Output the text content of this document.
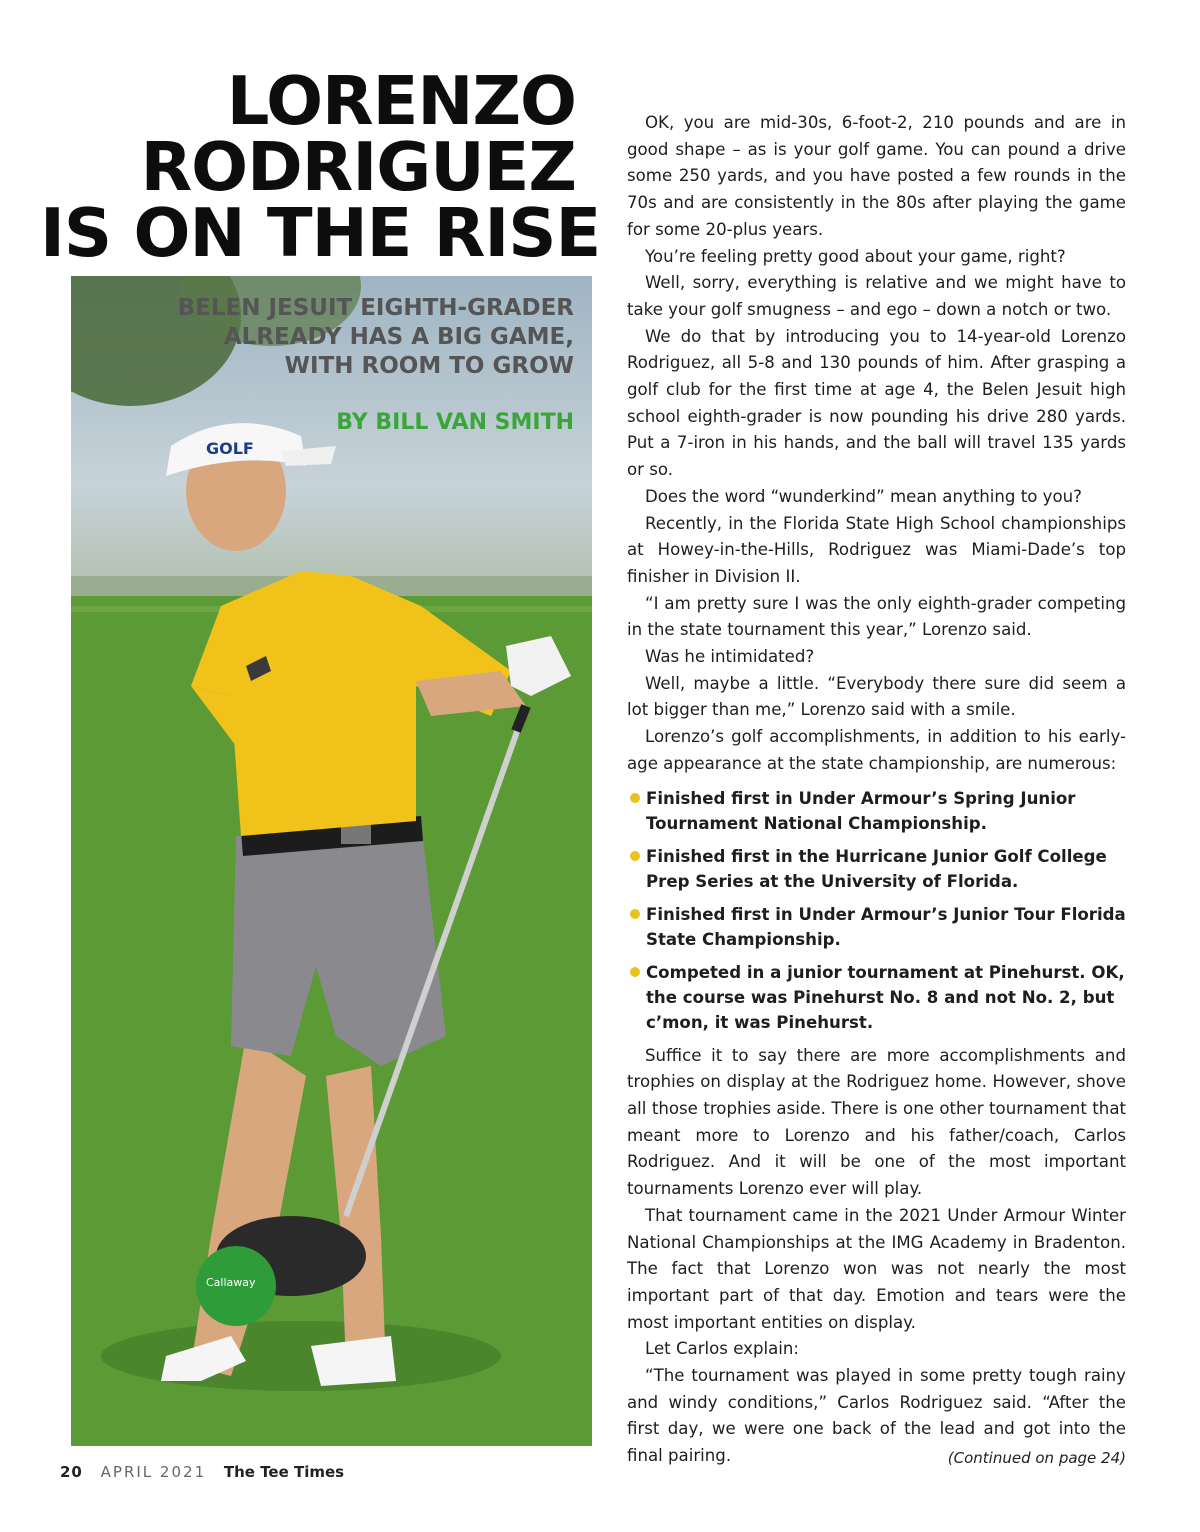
LORENZO
RODRIGUEZ
IS ON THE RISE
GOLF
Callaway
BELEN JESUIT EIGHTH-GRADER
ALREADY HAS A BIG GAME,
WITH ROOM TO GROW
BY BILL VAN SMITH

OK, you are mid-30s, 6-foot-2, 210 pounds and are in good shape – as is your golf game. You can pound a drive some 250 yards, and you have posted a few rounds in the 70s and are consistently in the 80s after playing the game for some 20-plus years.

You’re feeling pretty good about your game, right?

Well, sorry, everything is relative and we might have to take your golf smugness – and ego – down a notch or two.

We do that by introducing you to 14-year-old Lorenzo Rodriguez, all 5-8 and 130 pounds of him. After grasping a golf club for the first time at age 4, the Belen Jesuit high school eighth-grader is now pounding his drive 280 yards. Put a 7-iron in his hands, and the ball will travel 135 yards or so.

Does the word “wunderkind” mean anything to you?

Recently, in the Florida State High School championships at Howey-in-the-Hills, Rodriguez was Miami-Dade’s top finisher in Division II.

“I am pretty sure I was the only eighth-grader competing in the state tournament this year,” Lorenzo said.

Was he intimidated?

Well, maybe a little. “Everybody there sure did seem a lot bigger than me,” Lorenzo said with a smile.

Lorenzo’s golf accomplishments, in addition to his early-age appearance at the state championship, are numerous:

Finished first in Under Armour’s Spring Junior Tournament National Championship.
Finished first in the Hurricane Junior Golf College Prep Series at the University of Florida.
Finished first in Under Armour’s Junior Tour Florida State Championship.
Competed in a junior tournament at Pinehurst. OK, the course was Pinehurst No. 8 and not No. 2, but c’mon, it was Pinehurst.

Suffice it to say there are more accomplishments and trophies on display at the Rodriguez home. However, shove all those trophies aside. There is one other tournament that meant more to Lorenzo and his father/coach, Carlos Rodriguez. And it will be one of the most important tournaments Lorenzo ever will play.

That tournament came in the 2021 Under Armour Winter National Championships at the IMG Academy in Bradenton. The fact that Lorenzo won was not nearly the most important part of that day. Emotion and tears were the most important entities on display.

Let Carlos explain:

“The tournament was played in some pretty tough rainy and windy conditions,” Carlos Rodriguez said. “After the first day, we were one back of the lead and got into the final pairing.	(Continued on page 24)
20 APRIL 2021 The Tee Times
